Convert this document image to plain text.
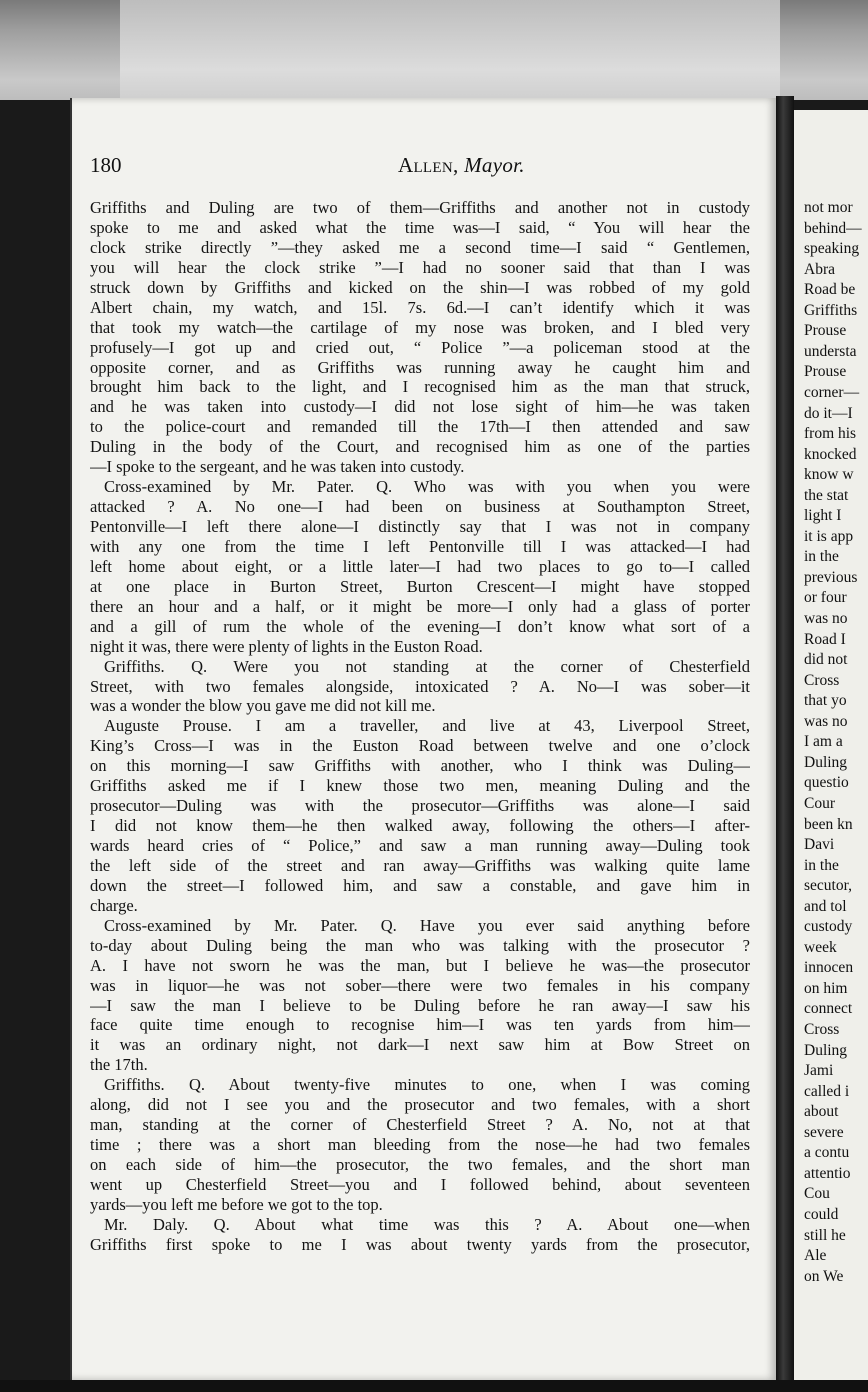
not mor
behind—
speaking
Abra
Road be
Griffiths
Prouse
understa
Prouse
corner—
do it—I
from his
knocked
know w
the stat
light I
it is app
in the
previous
or four
was no
Road I
did not
Cross
that yo
was no
I am a
Duling
questio
Cour
been kn
Davi
in the
secutor,
and tol
custody
week
innocen
on him
connect
Cross
Duling
Jami
called i
about
severe
a contu
attentio
Cou
could
still he
Ale
on We
180	Allen, Mayor.
Griffiths and Duling are two of them—Griffiths and another not in custody
spoke to me and asked what the time was—I said, “ You will hear the
clock strike directly ”—they asked me a second time—I said “ Gentlemen,
you will hear the clock strike ”—I had no sooner said that than I was
struck down by Griffiths and kicked on the shin—I was robbed of my gold
Albert chain, my watch, and 15l. 7s. 6d.—I can’t identify which it was
that took my watch—the cartilage of my nose was broken, and I bled very
profusely—I got up and cried out, “ Police ”—a policeman stood at the
opposite corner, and as Griffiths was running away he caught him and
brought him back to the light, and I recognised him as the man that struck,
and he was taken into custody—I did not lose sight of him—he was taken
to the police-court and remanded till the 17th—I then attended and saw
Duling in the body of the Court, and recognised him as one of the parties
—I spoke to the sergeant, and he was taken into custody.
Cross-examined by Mr. Pater. Q. Who was with you when you were
attacked ? A. No one—I had been on business at Southampton Street,
Pentonville—I left there alone—I distinctly say that I was not in company
with any one from the time I left Pentonville till I was attacked—I had
left home about eight, or a little later—I had two places to go to—I called
at one place in Burton Street, Burton Crescent—I might have stopped
there an hour and a half, or it might be more—I only had a glass of porter
and a gill of rum the whole of the evening—I don’t know what sort of a
night it was, there were plenty of lights in the Euston Road.
Griffiths. Q. Were you not standing at the corner of Chesterfield
Street, with two females alongside, intoxicated ? A. No—I was sober—it
was a wonder the blow you gave me did not kill me.
Auguste Prouse. I am a traveller, and live at 43, Liverpool Street,
King’s Cross—I was in the Euston Road between twelve and one o’clock
on this morning—I saw Griffiths with another, who I think was Duling—
Griffiths asked me if I knew those two men, meaning Duling and the
prosecutor—Duling was with the prosecutor—Griffiths was alone—I said
I did not know them—he then walked away, following the others—I after-
wards heard cries of “ Police,” and saw a man running away—Duling took
the left side of the street and ran away—Griffiths was walking quite lame
down the street—I followed him, and saw a constable, and gave him in
charge.
Cross-examined by Mr. Pater. Q. Have you ever said anything before
to-day about Duling being the man who was talking with the prosecutor ?
A. I have not sworn he was the man, but I believe he was—the prosecutor
was in liquor—he was not sober—there were two females in his company
—I saw the man I believe to be Duling before he ran away—I saw his
face quite time enough to recognise him—I was ten yards from him—
it was an ordinary night, not dark—I next saw him at Bow Street on
the 17th.
Griffiths. Q. About twenty-five minutes to one, when I was coming
along, did not I see you and the prosecutor and two females, with a short
man, standing at the corner of Chesterfield Street ? A. No, not at that
time ; there was a short man bleeding from the nose—he had two females
on each side of him—the prosecutor, the two females, and the short man
went up Chesterfield Street—you and I followed behind, about seventeen
yards—you left me before we got to the top.
Mr. Daly. Q. About what time was this ? A. About one—when
Griffiths first spoke to me I was about twenty yards from the prosecutor,
